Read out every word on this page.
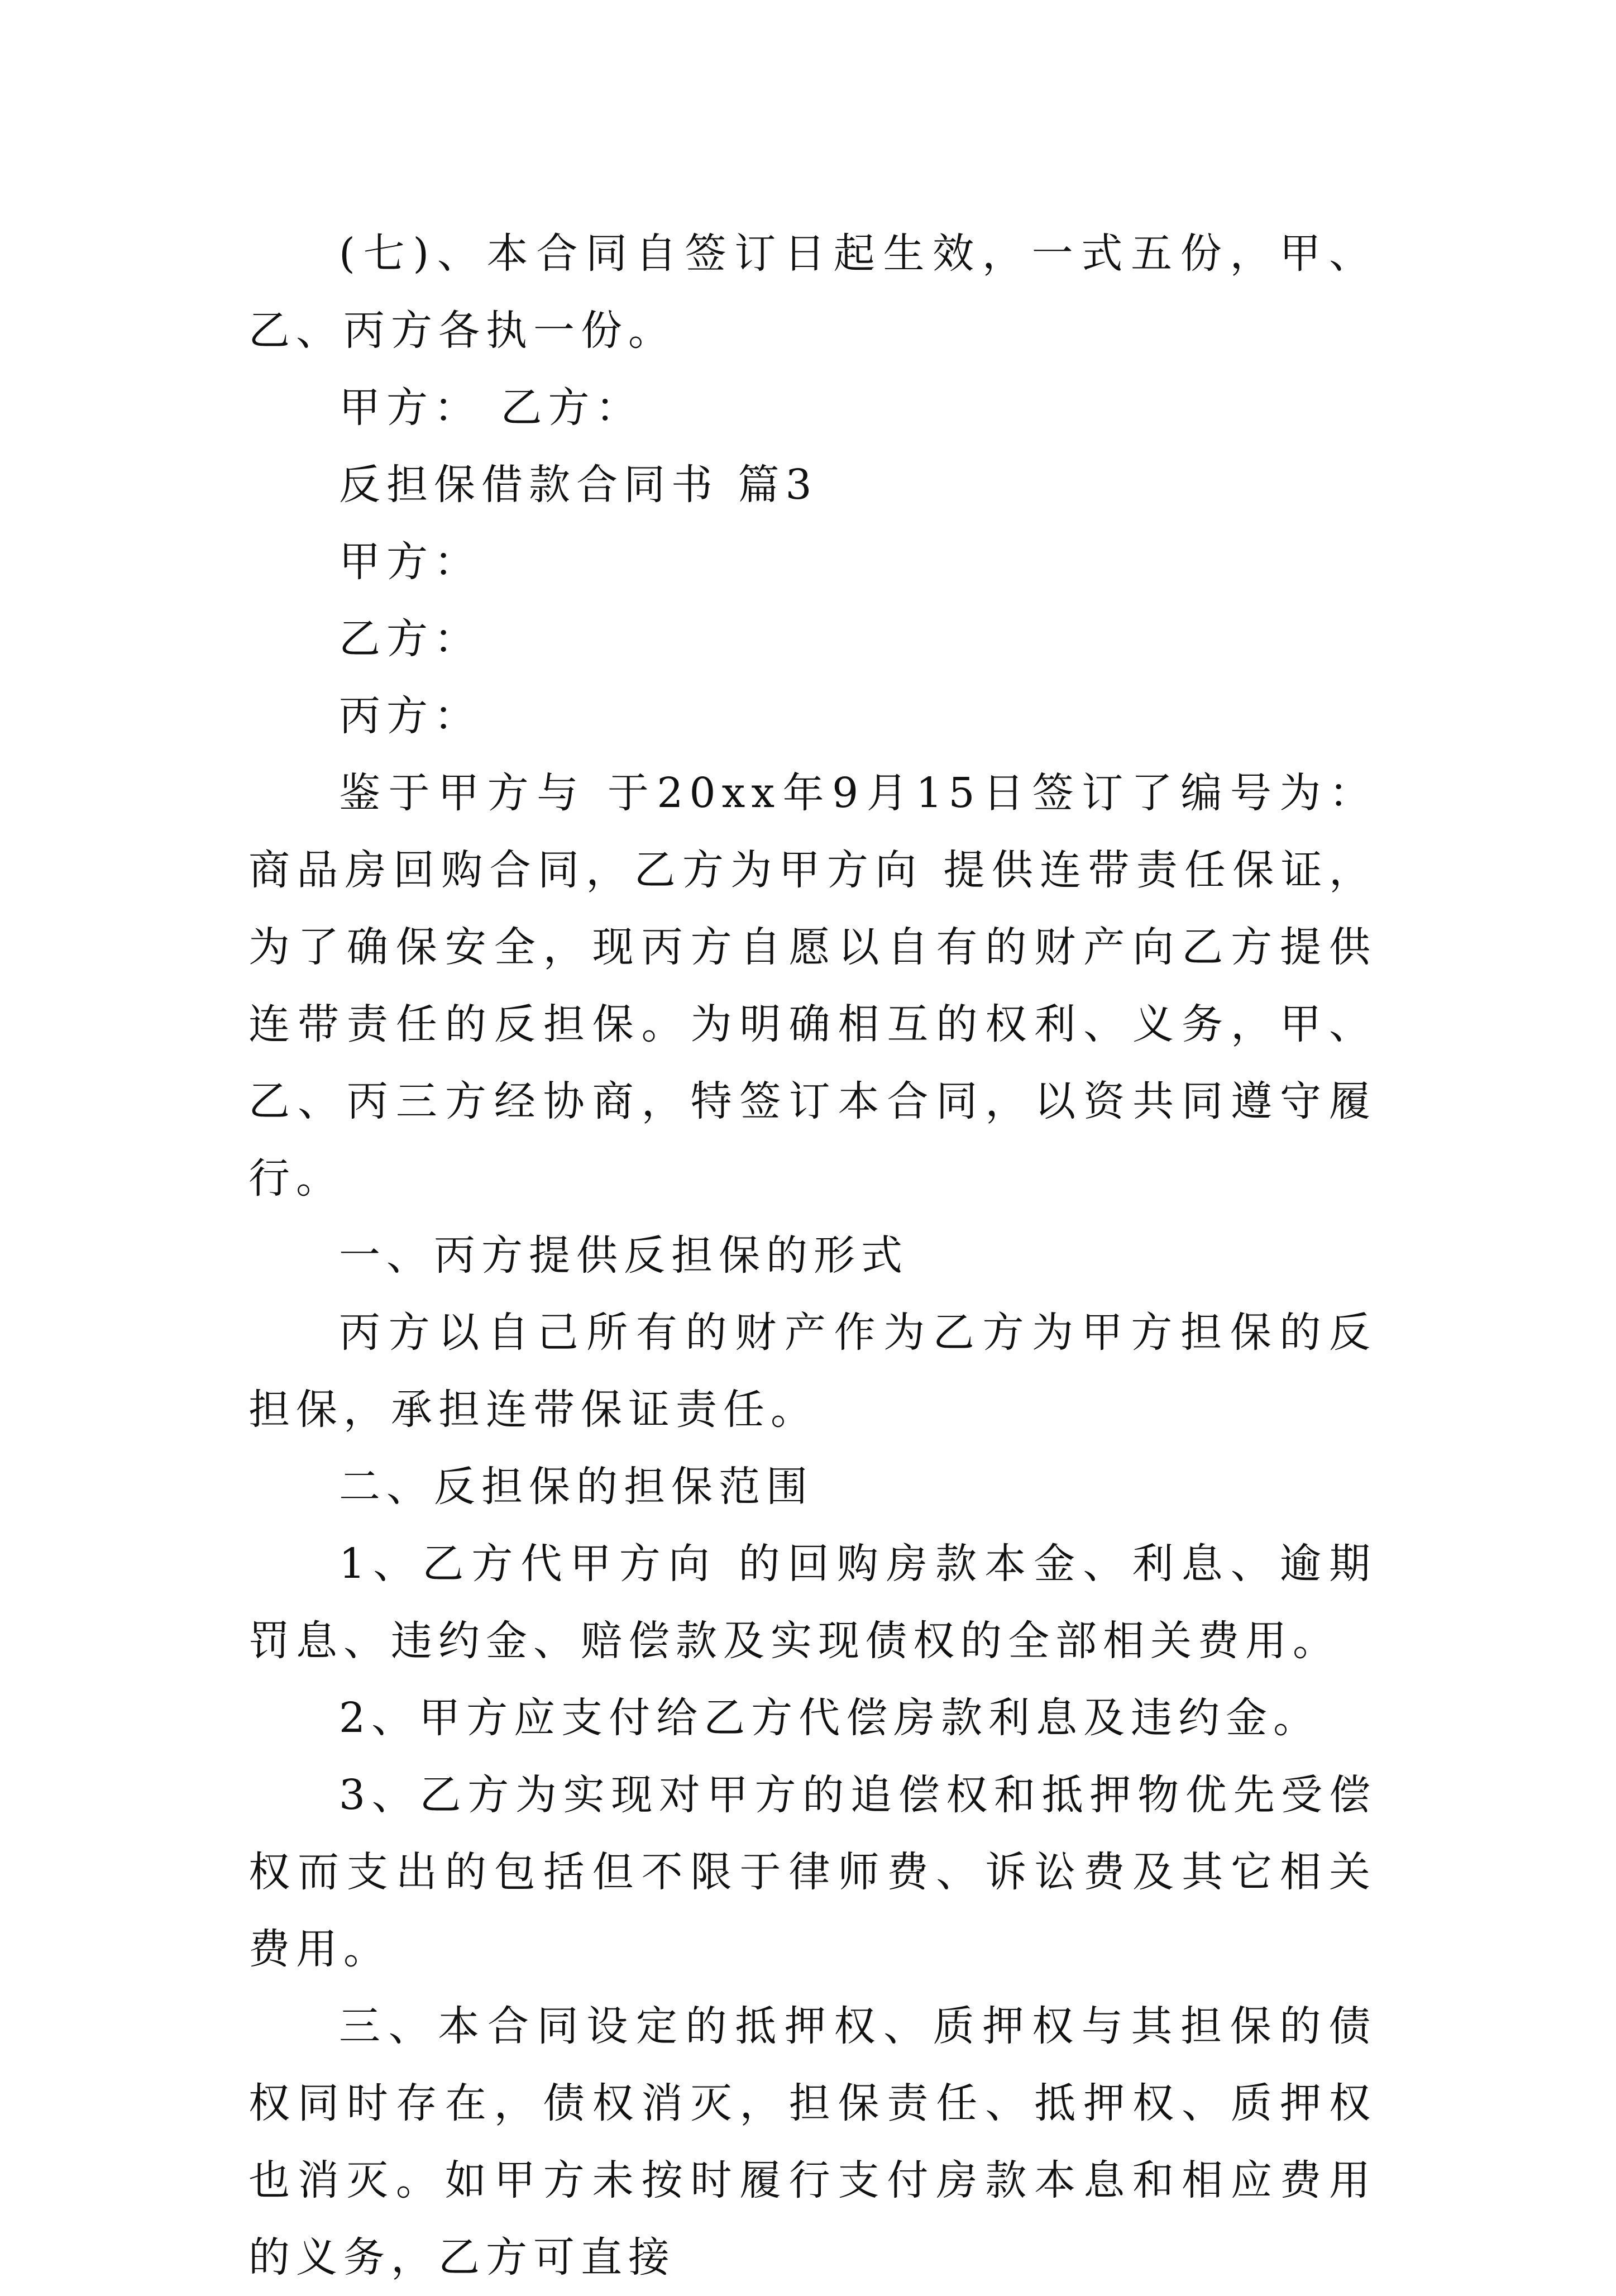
(七)、本合同自签订日起生效，一式五份，甲、乙、丙方各执一份。

甲方： 乙方：

反担保借款合同书 篇3

甲方：

乙方：

丙方：

鉴于甲方与 于20xx年9月15日签订了编号为：商品房回购合同，乙方为甲方向 提供连带责任保证，为了确保安全，现丙方自愿以自有的财产向乙方提供连带责任的反担保。为明确相互的权利、义务，甲、乙、丙三方经协商，特签订本合同，以资共同遵守履行。

一、丙方提供反担保的形式

丙方以自己所有的财产作为乙方为甲方担保的反担保，承担连带保证责任。

二、反担保的担保范围

1、乙方代甲方向 的回购房款本金、利息、逾期罚息、违约金、赔偿款及实现债权的全部相关费用。

2、甲方应支付给乙方代偿房款利息及违约金。

3、乙方为实现对甲方的追偿权和抵押物优先受偿权而支出的包括但不限于律师费、诉讼费及其它相关费用。

三、本合同设定的抵押权、质押权与其担保的债权同时存在，债权消灭，担保责任、抵押权、质押权也消灭。如甲方未按时履行支付房款本息和相应费用的义务，乙方可直接
